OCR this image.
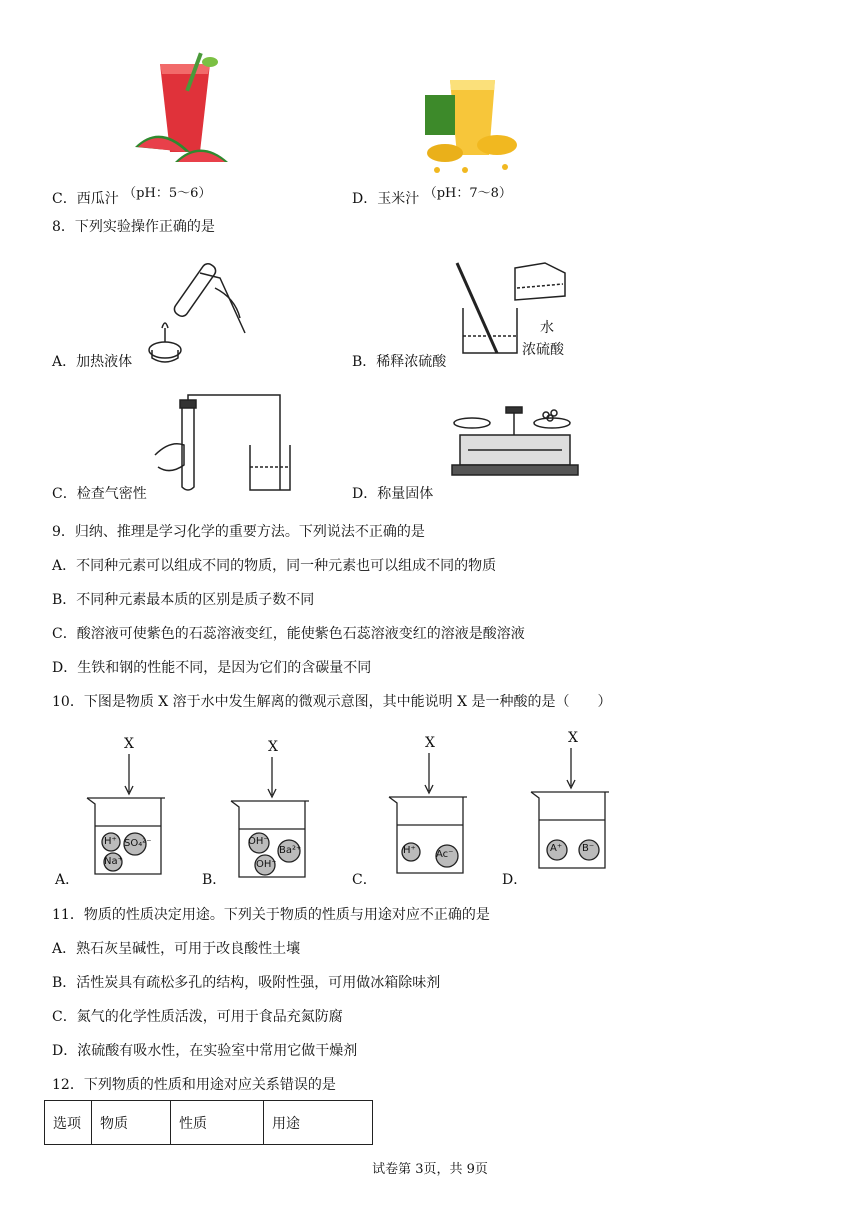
C．西瓜汁 （pH：5～6）	D．玉米汁 （pH：7～8）
8．下列实验操作正确的是
A．加热液体
水
浓硫酸
B．稀释浓硫酸
C．检查气密性	D．称量固体
9．归纳、推理是学习化学的重要方法。下列说法不正确的是
A．不同种元素可以组成不同的物质，同一种元素也可以组成不同的物质
B．不同种元素最本质的区别是质子数不同
C．酸溶液可使紫色的石蕊溶液变红，能使紫色石蕊溶液变红的溶液是酸溶液
D．生铁和钢的性能不同，是因为它们的含碳量不同
10．下图是物质 X 溶于水中发生解离的微观示意图，其中能说明 X 是一种酸的是（　　）
X
H⁺ SO₄²⁻
Na⁺
A．
X
OH⁻
Ba²⁺
OH⁻
B．
X
H⁺ Ac⁻
C．
X
A⁺ B⁻
D．
11．物质的性质决定用途。下列关于物质的性质与用途对应不正确的是
A．熟石灰呈碱性，可用于改良酸性土壤
B．活性炭具有疏松多孔的结构，吸附性强，可用做冰箱除味剂
C．氮气的化学性质活泼，可用于食品充氮防腐
D．浓硫酸有吸水性，在实验室中常用它做干燥剂
12．下列物质的性质和用途对应关系错误的是
选项	物质	性质	用途
试卷第 3页，共 9页
